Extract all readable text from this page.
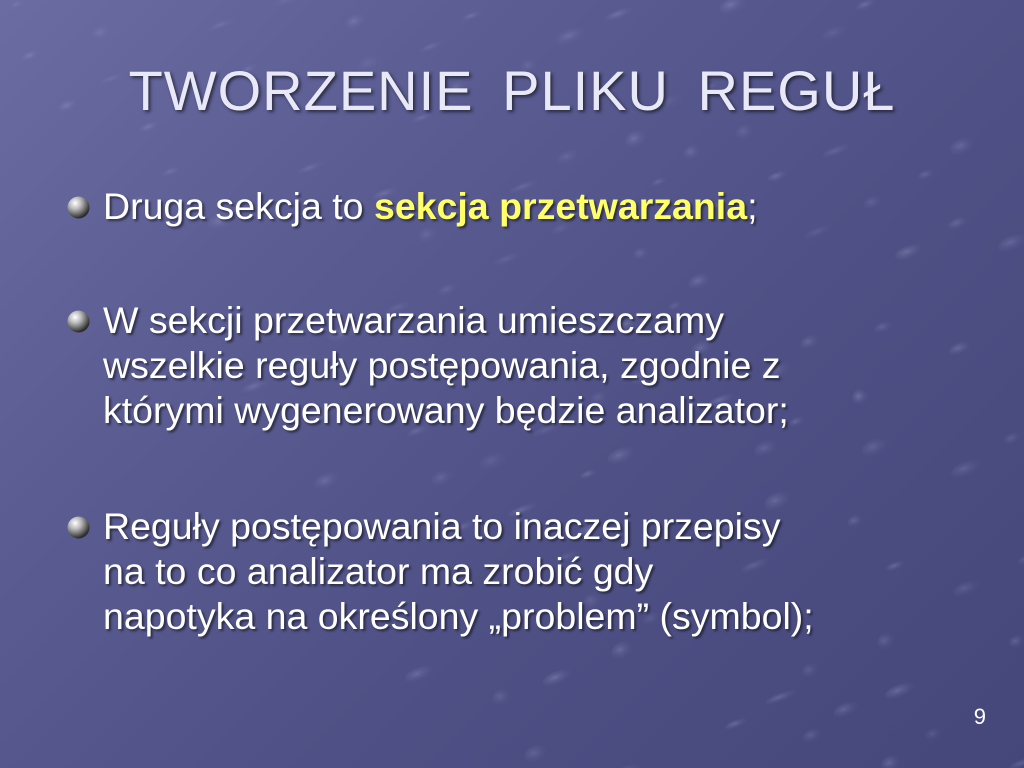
TWORZENIE PLIKU REGUŁ
Druga sekcja to sekcja przetwarzania;
W sekcji przetwarzania umieszczamy
wszelkie reguły postępowania, zgodnie z
którymi wygenerowany będzie analizator;
Reguły postępowania to inaczej przepisy
na to co analizator ma zrobić gdy
napotyka na określony „problem” (symbol);
9
